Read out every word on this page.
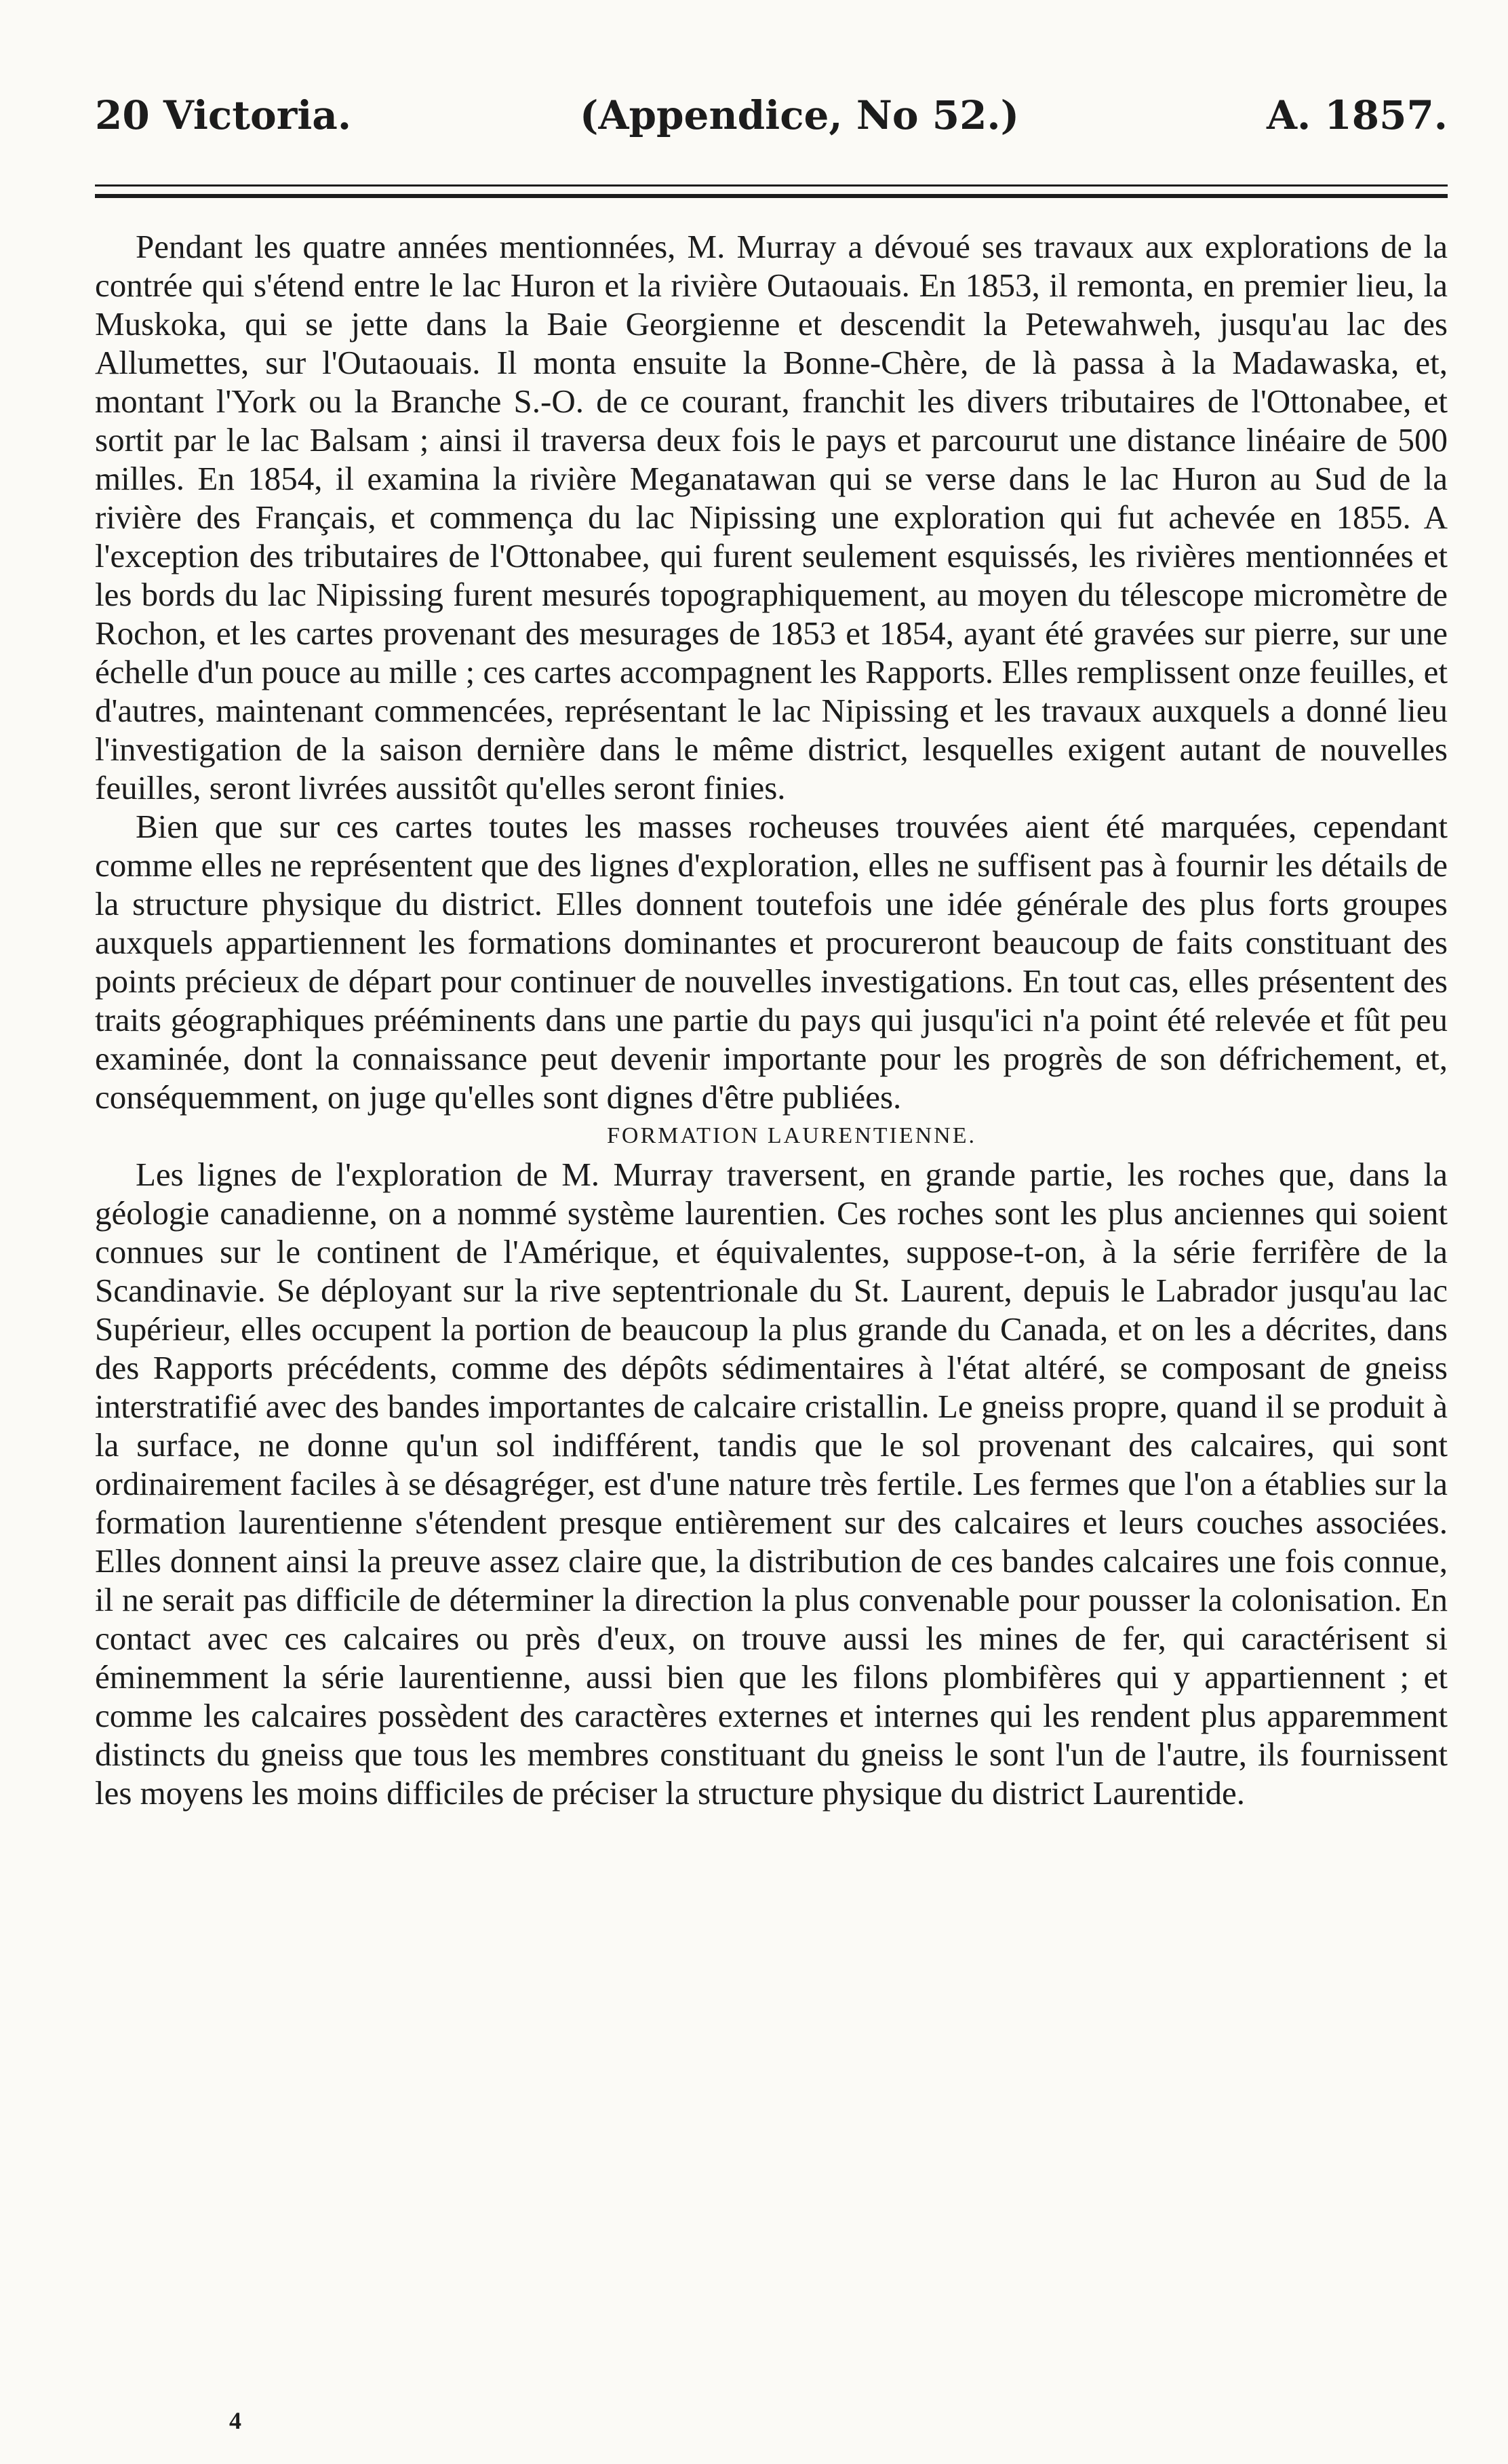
20 Victoria.	(Appendice, No 52.)	A. 1857.

Pendant les quatre années mentionnées, M. Murray a dévoué ses travaux aux explorations de la contrée qui s'étend entre le lac Huron et la rivière Outaouais. En 1853, il remonta, en premier lieu, la Muskoka, qui se jette dans la Baie Georgienne et descendit la Petewahweh, jusqu'au lac des Allumettes, sur l'Outaouais. Il monta ensuite la Bonne-Chère, de là passa à la Madawaska, et, montant l'York ou la Branche S.-O. de ce courant, franchit les divers tributaires de l'Ottonabee, et sortit par le lac Balsam ; ainsi il traversa deux fois le pays et parcourut une distance linéaire de 500 milles. En 1854, il examina la rivière Meganatawan qui se verse dans le lac Huron au Sud de la rivière des Français, et commença du lac Nipissing une exploration qui fut achevée en 1855. A l'exception des tributaires de l'Ottonabee, qui furent seulement esquissés, les rivières mentionnées et les bords du lac Nipissing furent mesurés topographiquement, au moyen du télescope micromètre de Rochon, et les cartes provenant des mesurages de 1853 et 1854, ayant été gravées sur pierre, sur une échelle d'un pouce au mille ; ces cartes accompagnent les Rapports. Elles remplissent onze feuilles, et d'autres, maintenant commencées, représentant le lac Nipissing et les travaux auxquels a donné lieu l'investigation de la saison dernière dans le même district, lesquelles exigent autant de nouvelles feuilles, seront livrées aussitôt qu'elles seront finies.

Bien que sur ces cartes toutes les masses rocheuses trouvées aient été marquées, cependant comme elles ne représentent que des lignes d'exploration, elles ne suffisent pas à fournir les détails de la structure physique du district. Elles donnent toutefois une idée générale des plus forts groupes auxquels appartiennent les formations dominantes et procureront beaucoup de faits constituant des points précieux de départ pour continuer de nouvelles investigations. En tout cas, elles présentent des traits géographiques prééminents dans une partie du pays qui jusqu'ici n'a point été relevée et fût peu examinée, dont la connaissance peut devenir importante pour les progrès de son défrichement, et, conséquemment, on juge qu'elles sont dignes d'être publiées.

FORMATION LAURENTIENNE.

Les lignes de l'exploration de M. Murray traversent, en grande partie, les roches que, dans la géologie canadienne, on a nommé système laurentien. Ces roches sont les plus anciennes qui soient connues sur le continent de l'Amérique, et équivalentes, suppose-t-on, à la série ferrifère de la Scandinavie. Se déployant sur la rive septentrionale du St. Laurent, depuis le Labrador jusqu'au lac Supérieur, elles occupent la portion de beaucoup la plus grande du Canada, et on les a décrites, dans des Rapports précédents, comme des dépôts sédimentaires à l'état altéré, se composant de gneiss interstratifié avec des bandes importantes de calcaire cristallin. Le gneiss propre, quand il se produit à la surface, ne donne qu'un sol indifférent, tandis que le sol provenant des calcaires, qui sont ordinairement faciles à se désagréger, est d'une nature très fertile. Les fermes que l'on a établies sur la formation laurentienne s'étendent presque entièrement sur des calcaires et leurs couches associées. Elles donnent ainsi la preuve assez claire que, la distribution de ces bandes calcaires une fois connue, il ne serait pas difficile de déterminer la direction la plus convenable pour pousser la colonisation. En contact avec ces calcaires ou près d'eux, on trouve aussi les mines de fer, qui caractérisent si éminemment la série laurentienne, aussi bien que les filons plombifères qui y appartiennent ; et comme les calcaires possèdent des caractères externes et internes qui les rendent plus apparemment distincts du gneiss que tous les membres constituant du gneiss le sont l'un de l'autre, ils fournissent les moyens les moins difficiles de préciser la structure physique du district Laurentide.

4
